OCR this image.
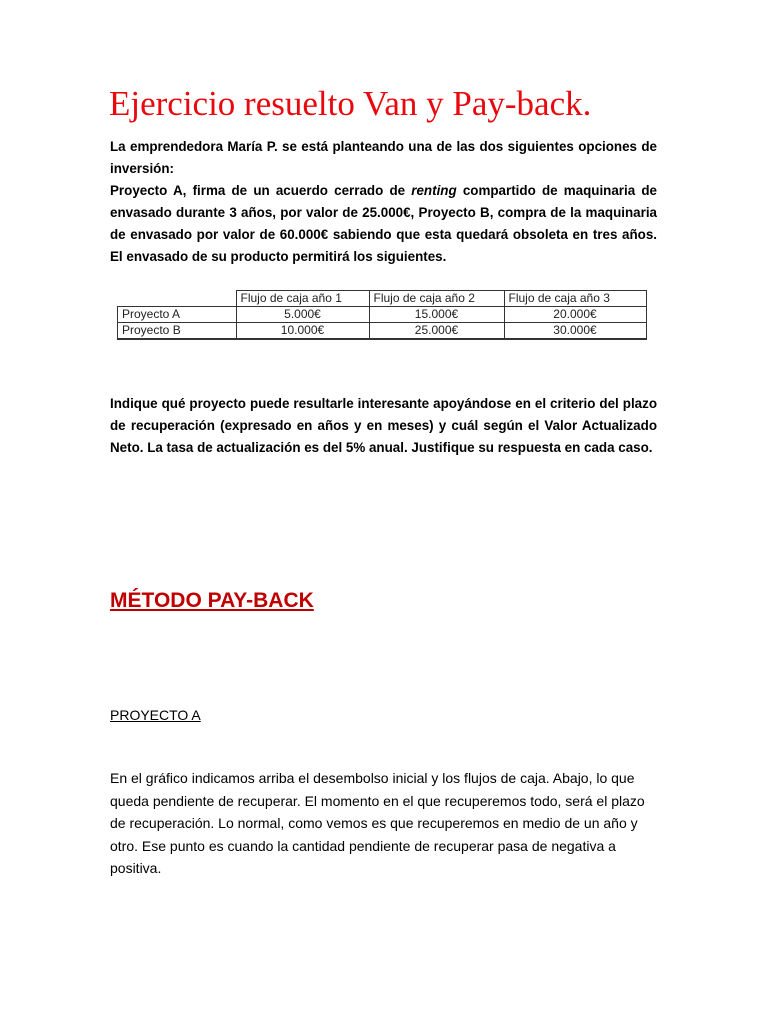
Ejercicio resuelto Van y Pay-back.

La emprendedora María P. se está planteando una de las dos siguientes opciones de inversión:

Proyecto A, firma de un acuerdo cerrado de renting compartido de maquinaria de envasado durante 3 años, por valor de 25.000€, Proyecto B, compra de la maquinaria de envasado por valor de 60.000€ sabiendo que esta quedará obsoleta en tres años. El envasado de su producto permitirá los siguientes.

	Flujo de caja año 1	Flujo de caja año 2	Flujo de caja año 3
Proyecto A	5.000€	15.000€	20.000€
Proyecto B	10.000€	25.000€	30.000€

Indique qué proyecto puede resultarle interesante apoyándose en el criterio del plazo de recuperación (expresado en años y en meses) y cuál según el Valor Actualizado Neto. La tasa de actualización es del 5% anual. Justifique su respuesta en cada caso.

MÉTODO PAY-BACK

PROYECTO A

En el gráfico indicamos arriba el desembolso inicial y los flujos de caja. Abajo, lo que queda pendiente de recuperar. El momento en el que recuperemos todo, será el plazo de recuperación. Lo normal, como vemos es que recuperemos en medio de un año y otro. Ese punto es cuando la cantidad pendiente de recuperar pasa de negativa a positiva.
